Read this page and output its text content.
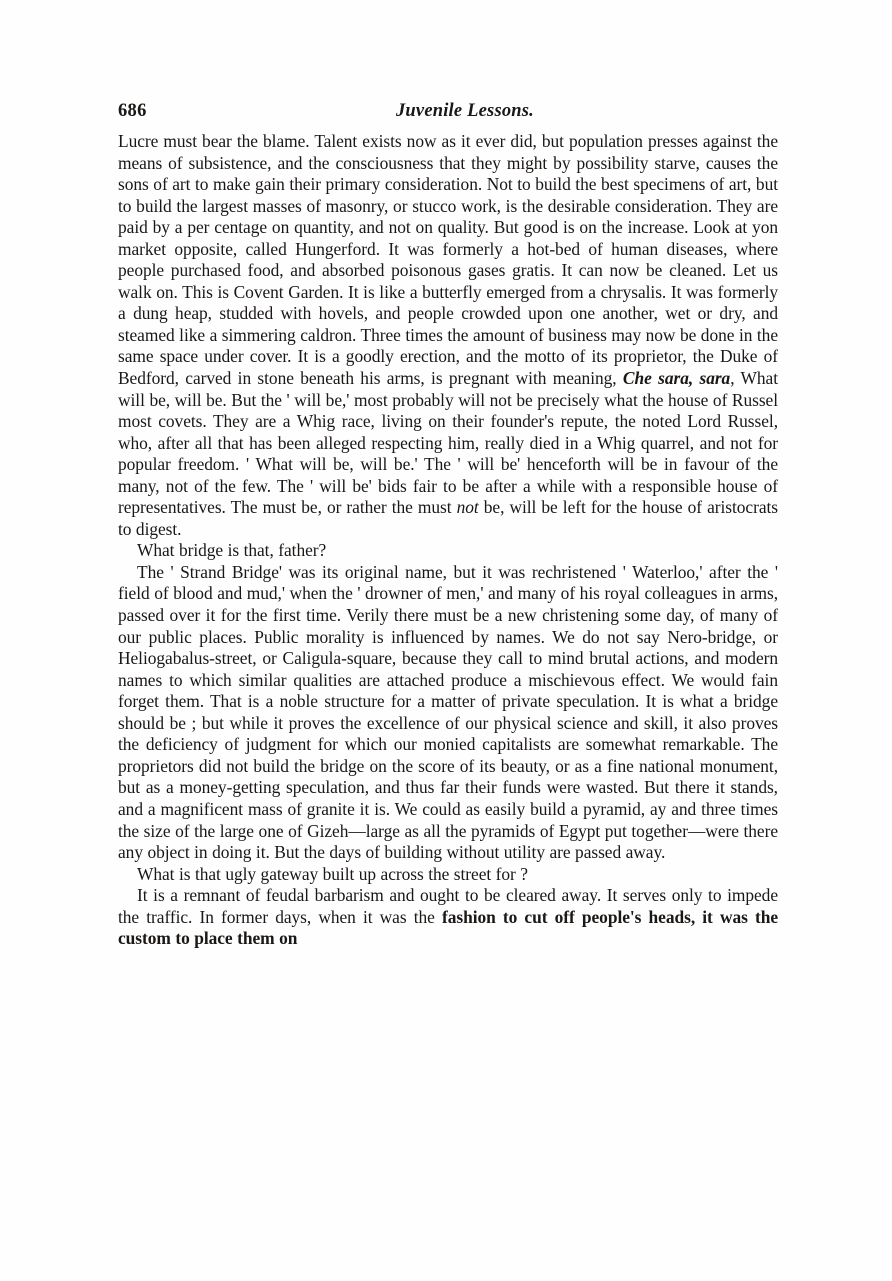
686	Juvenile Lessons.

Lucre must bear the blame. Talent exists now as it ever did, but population presses against the means of subsistence, and the consciousness that they might by possibility starve, causes the sons of art to make gain their primary consideration. Not to build the best specimens of art, but to build the largest masses of masonry, or stucco work, is the desirable consideration. They are paid by a per centage on quantity, and not on quality. But good is on the increase. Look at yon market opposite, called Hungerford. It was formerly a hot-bed of human diseases, where people purchased food, and absorbed poisonous gases gratis. It can now be cleaned. Let us walk on. This is Covent Garden. It is like a butterfly emerged from a chrysalis. It was formerly a dung heap, studded with hovels, and people crowded upon one another, wet or dry, and steamed like a simmering caldron. Three times the amount of business may now be done in the same space under cover. It is a goodly erection, and the motto of its proprietor, the Duke of Bedford, carved in stone beneath his arms, is pregnant with meaning, Che sara, sara, What will be, will be. But the ' will be,' most probably will not be precisely what the house of Russel most covets. They are a Whig race, living on their founder's repute, the noted Lord Russel, who, after all that has been alleged respecting him, really died in a Whig quarrel, and not for popular freedom. ' What will be, will be.' The ' will be' henceforth will be in favour of the many, not of the few. The ' will be' bids fair to be after a while with a responsible house of representatives. The must be, or rather the must not be, will be left for the house of aristocrats to digest.

What bridge is that, father?

The ' Strand Bridge' was its original name, but it was rechristened ' Waterloo,' after the ' field of blood and mud,' when the ' drowner of men,' and many of his royal colleagues in arms, passed over it for the first time. Verily there must be a new christening some day, of many of our public places. Public morality is influenced by names. We do not say Nero-bridge, or Heliogabalus-street, or Caligula-square, because they call to mind brutal actions, and modern names to which similar qualities are attached produce a mischievous effect. We would fain forget them. That is a noble structure for a matter of private speculation. It is what a bridge should be ; but while it proves the excellence of our physical science and skill, it also proves the deficiency of judgment for which our monied capitalists are somewhat remarkable. The proprietors did not build the bridge on the score of its beauty, or as a fine national monument, but as a money-getting speculation, and thus far their funds were wasted. But there it stands, and a magnificent mass of granite it is. We could as easily build a pyramid, ay and three times the size of the large one of Gizeh—large as all the pyramids of Egypt put together—were there any object in doing it. But the days of building without utility are passed away.

What is that ugly gateway built up across the street for ?

It is a remnant of feudal barbarism and ought to be cleared away. It serves only to impede the traffic. In former days, when it was the fashion to cut off people's heads, it was the custom to place them on
